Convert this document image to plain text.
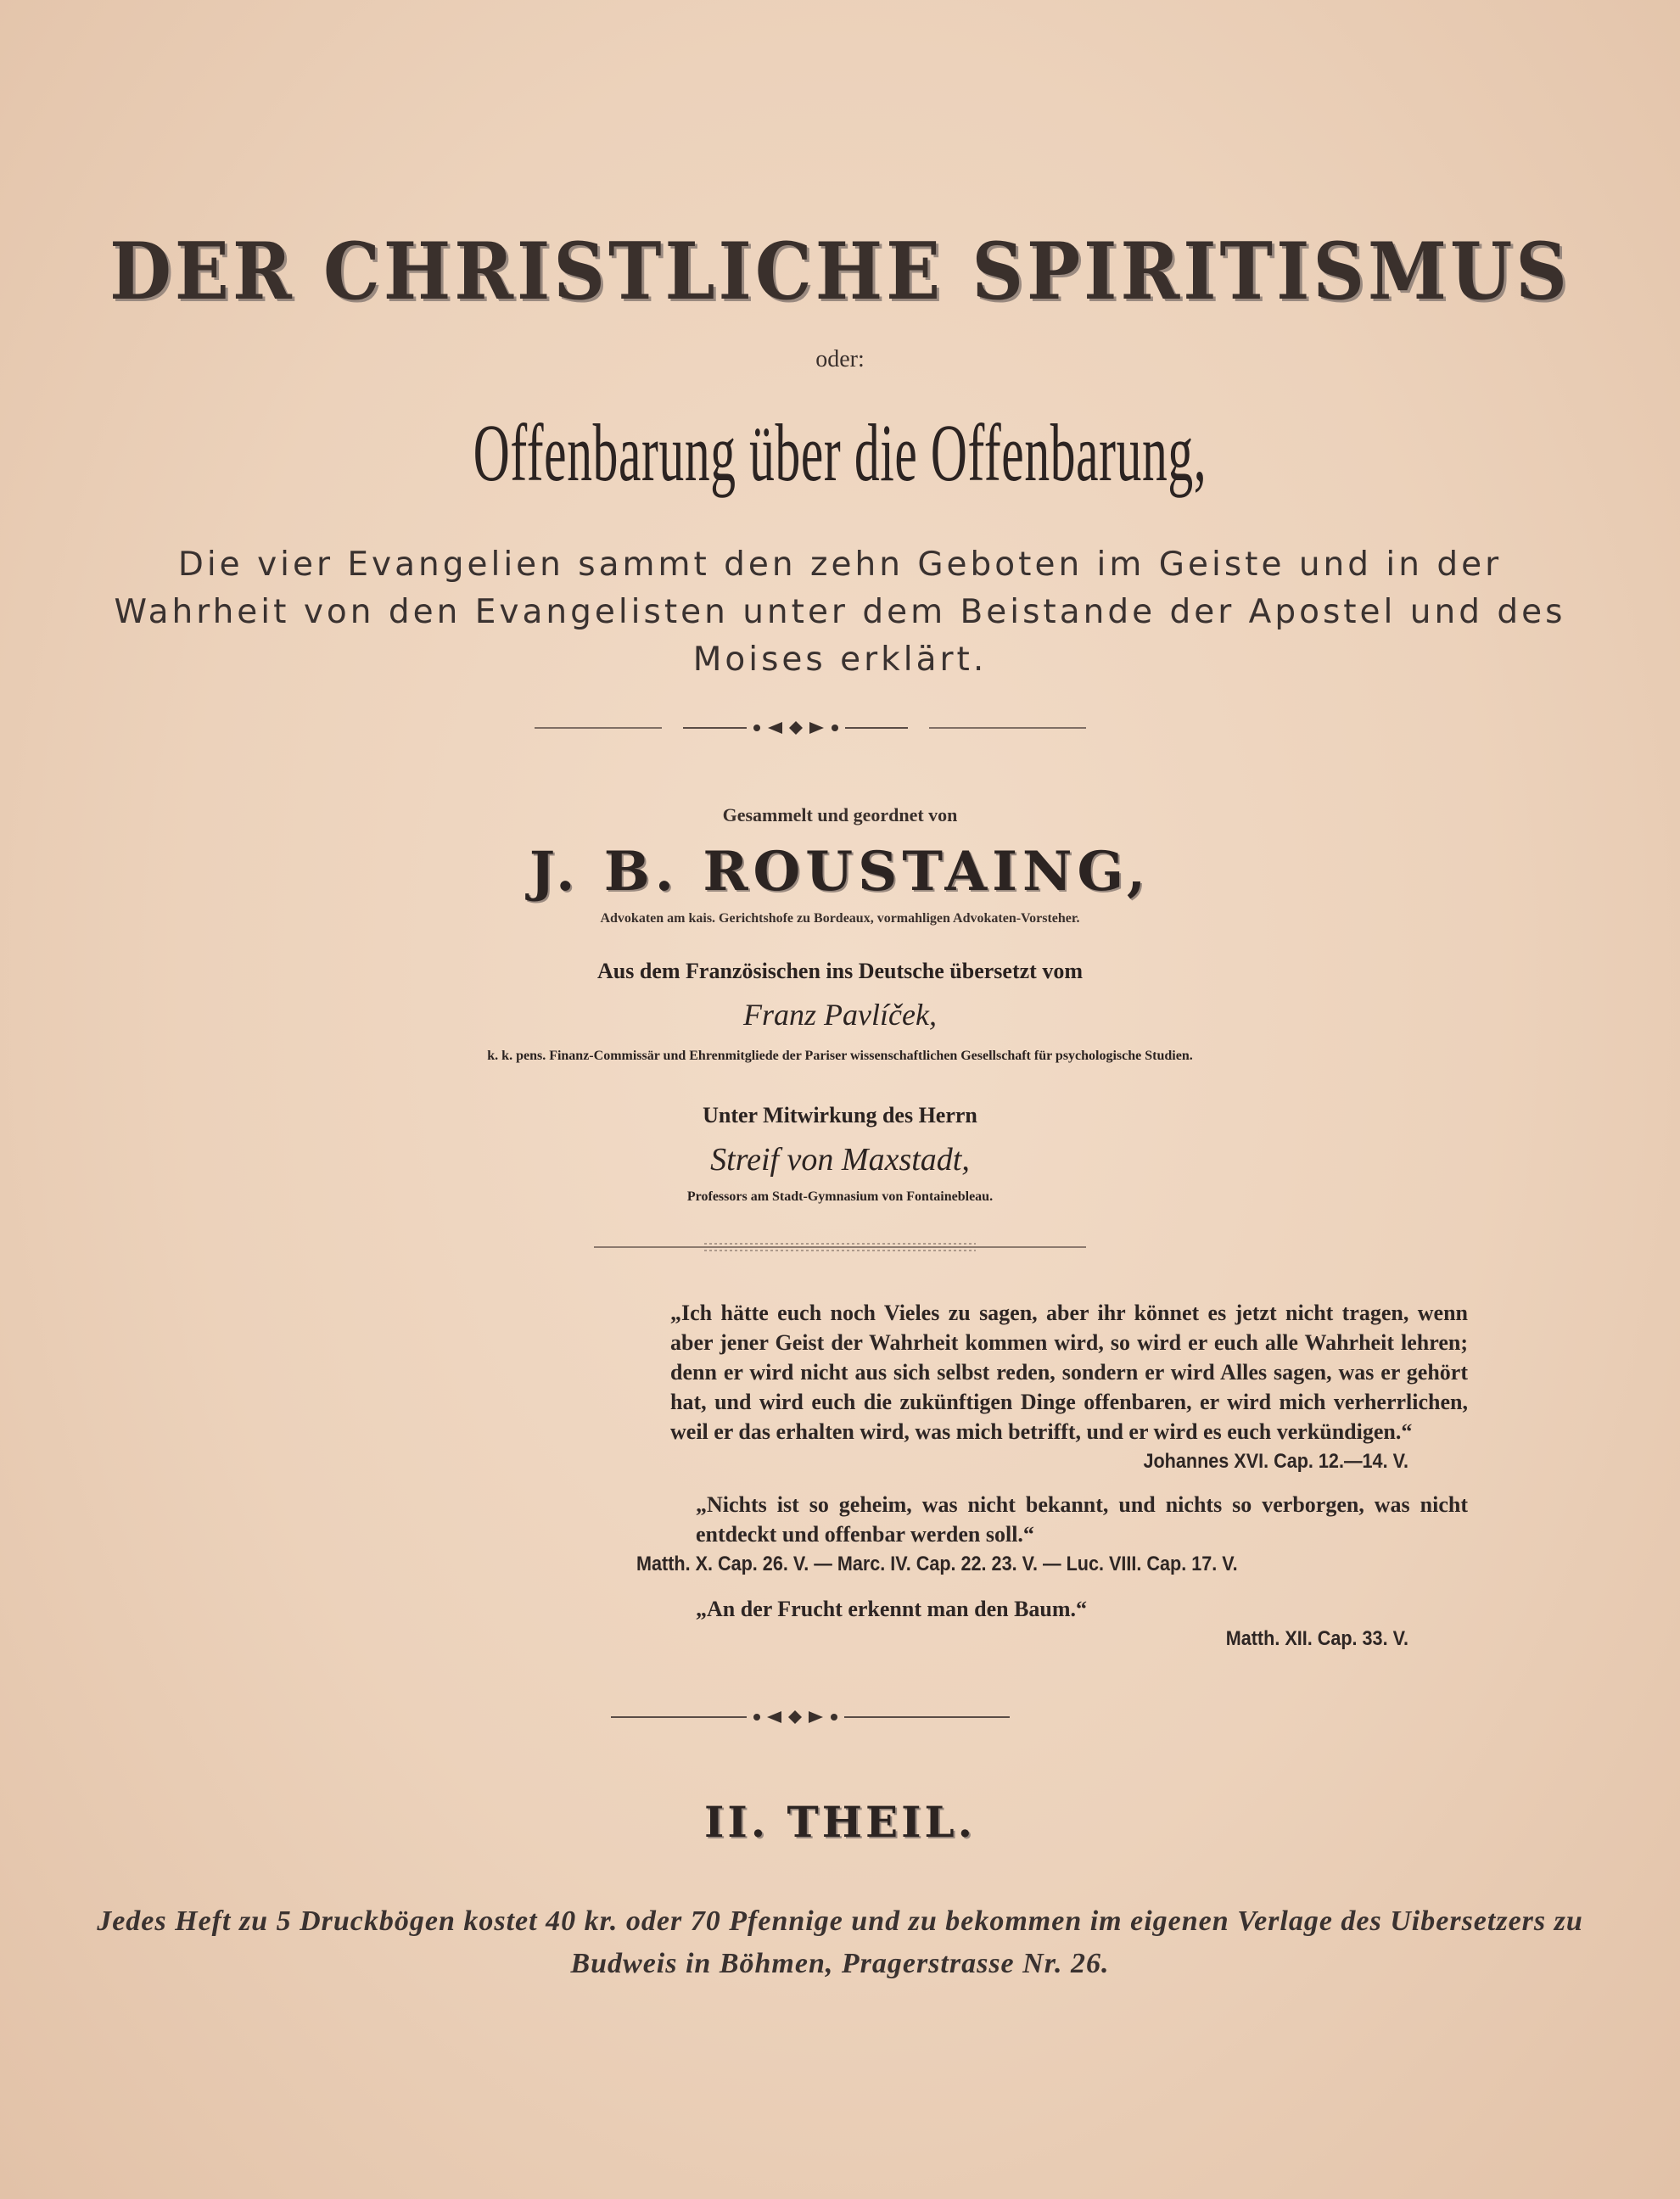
DER CHRISTLICHE SPIRITISMUS
oder:
Offenbarung über die Offenbarung,
Die vier Evangelien sammt den zehn Geboten im Geiste und in der Wahrheit von den Evangelisten unter dem Beistande der Apostel und des Moises erklärt.
Gesammelt und geordnet von
J. B. ROUSTAING,
Advokaten am kais. Gerichtshofe zu Bordeaux, vormahligen Advokaten-Vorsteher.
Aus dem Französischen ins Deutsche übersetzt vom
Franz Pavlíček,
k. k. pens. Finanz-Commissär und Ehrenmitgliede der Pariser wissenschaftlichen Gesellschaft für psychologische Studien.
Unter Mitwirkung des Herrn
Streif von Maxstadt,
Professors am Stadt-Gymnasium von Fontainebleau.

„Ich hätte euch noch Vieles zu sagen, aber ihr könnet es jetzt nicht tragen, wenn aber jener Geist der Wahrheit kommen wird, so wird er euch alle Wahrheit lehren; denn er wird nicht aus sich selbst reden, sondern er wird Alles sagen, was er gehört hat, und wird euch die zukünftigen Dinge offenbaren, er wird mich verherrlichen, weil er das erhalten wird, was mich betrifft, und er wird es euch verkündigen.“

Johannes XVI. Cap. 12.—14. V.

„Nichts ist so geheim, was nicht bekannt, und nichts so verborgen, was nicht entdeckt und offenbar werden soll.“

Matth. X. Cap. 26. V. — Marc. IV. Cap. 22. 23. V. — Luc. VIII. Cap. 17. V.

„An der Frucht erkennt man den Baum.“

Matth. XII. Cap. 33. V.

II. THEIL.
Jedes Heft zu 5 Druckbögen kostet 40 kr. oder 70 Pfennige und zu bekommen im eigenen Verlage des Uibersetzers zu Budweis in Böhmen, Pragerstrasse Nr. 26.
